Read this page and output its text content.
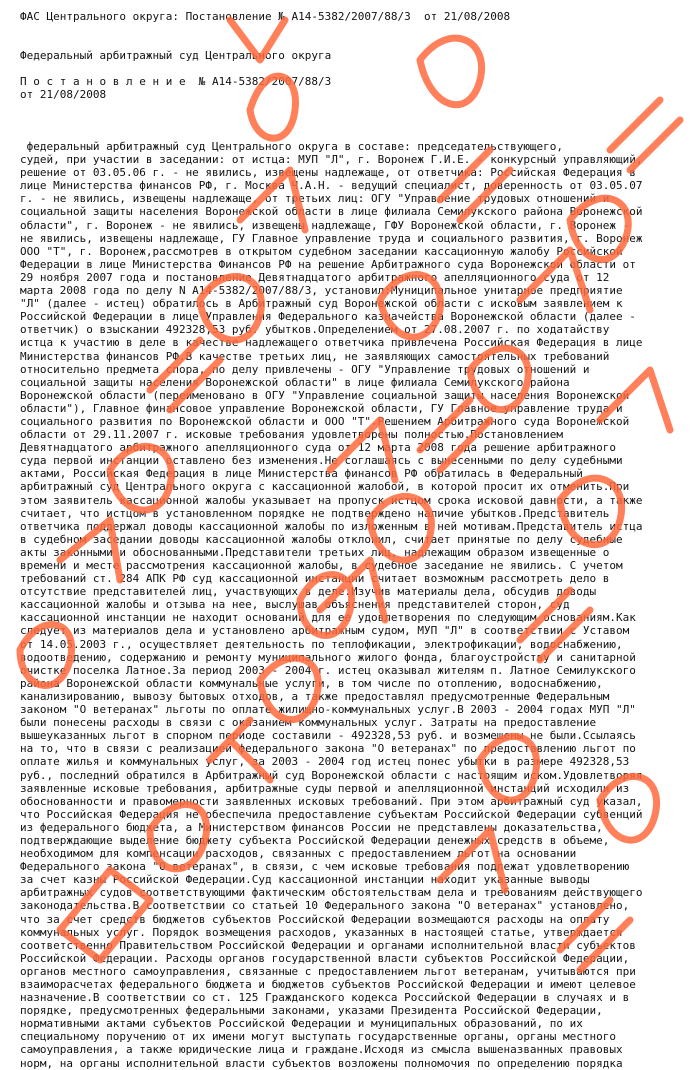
ФАС Центрального округа: Постановление № А14-5382/2007/88/3  от 21/08/2008
Федеральный арбитражный суд Центрального округа
П о с т а н о в л е н и е  № А14-5382/2007/88/3
от 21/08/2008
федеральный арбитражный суд Центрального округа в составе: председательствующего,
судей, при участии в заседании: от истца: МУП "Л", г. Воронеж Г.И.Е. - конкурсный управляющий,
решение от 03.05.06 г. - не явились, извещены надлежаще, от ответчика: Российская Федерация в
лице Министерства финансов РФ, г. Москва Ч.А.Н. - ведущий специалист, доверенность от 03.05.07
г. - не явились, извещены надлежаще, от третьих лиц: ОГУ "Управление трудовых отношений и
социальной защиты населения Воронежской области в лице филиала Семилукского района Воронежской
области", г. Воронеж - не явились, извещены надлежаще, ГФУ Воронежской области, г. Воронеж -
не явились, извещены надлежаще, ГУ Главное управление труда и социального развития, г. Воронеж
ООО "Т", г. Воронеж,рассмотрев в открытом судебном заседании кассационную жалобу Российской
Федерации в лице Министерства Финансов РФ на решение Арбитражного суда Воронежской области от
29 ноября 2007 года и постановление Девятнадцатого арбитражного апелляционного суда от 12
марта 2008 года по делу N А14-5382/2007/88/3, установил:Муниципальное унитарное предприятие
"Л" (далее - истец) обратилось в Арбитражный суд Воронежской области с исковым заявлением к
Российской Федерации в лице Управления Федерального казначейства Воронежской области (далее -
ответчик) о взыскании 492328,53 руб. убытков.Определением от 27.08.2007 г. по ходатайству
истца к участию в деле в качестве надлежащего ответчика привлечена Российская Федерация в лице
Министерства финансов РФ.В качестве третьих лиц, не заявляющих самостоятельных требований
относительно предмета спора, по делу привлечены - ОГУ "Управление трудовых отношений и
социальной защиты населения Воронежской области" в лице филиала Семилукского района
Воронежской области (переименовано в ОГУ "Управление социальной защиты населения Воронежской
области"), Главное финансовое управление Воронежской области, ГУ Главное управление труда и
социального развития по Воронежской области и ООО "Т".Решением Арбитражного суда Воронежской
области от 29.11.2007 г. исковые требования удовлетворены полностью.Постановлением
Девятнадцатого арбитражного апелляционного суда от 12 марта 2008 года решение арбитражного
суда первой инстанции оставлено без изменения.Не соглашаясь с вынесенными по делу судебными
актами, Российская Федерация в лице Министерства финансов РФ обратилась в Федеральный
арбитражный суд Центрального округа с кассационной жалобой, в которой просит их отменить.При
этом заявитель кассационной жалобы указывает на пропуск истцом срока исковой давности, а также
считает, что истцом в установленном порядке не подтверждено наличие убытков.Представитель
ответчика поддержал доводы кассационной жалобы по изложенным в ней мотивам.Представитель истца
в судебном заседании доводы кассационной жалобы отклонил, считает принятые по делу судебные
акты законными и обоснованными.Представители третьих лиц, надлежащим образом извещенные о
времени и месте рассмотрения кассационной жалобы, в судебное заседание не явились. С учетом
требований ст. 284 АПК РФ суд кассационной инстанции считает возможным рассмотреть дело в
отсутствие представителей лиц, участвующих в деле.Изучив материалы дела, обсудив доводы
кассационной жалобы и отзыва на нее, выслушав объяснения представителей сторон, суд
кассационной инстанции не находит оснований для ее удовлетворения по следующим основаниям.Как
следует из материалов дела и установлено арбитражным судом, МУП "Л" в соответствии с Уставом
от 14.05.2003 г., осуществляет деятельность по теплофикации, электрофикации, водоснабжению,
водоотведению, содержанию и ремонту муниципального жилого фонда, благоустройству и санитарной
очистке поселка Латное.За период 2003 - 2004 г. истец оказывал жителям п. Латное Семилукского
района Воронежской области коммунальные услуги, в том числе по отоплению, водоснабжению,
канализированию, вывозу бытовых отходов, а также предоставлял предусмотренные Федеральным
законом "О ветеранах" льготы по оплате жилищно-коммунальных услуг.В 2003 - 2004 годах МУП "Л"
были понесены расходы в связи с оказанием коммунальных услуг. Затраты на предоставление
вышеуказанных льгот в спорном периоде составили - 492328,53 руб. и возмещены не были.Ссылаясь
на то, что в связи с реализацией федерального закона "О ветеранах" по предоставлению льгот по
оплате жилья и коммунальных услуг, за 2003 - 2004 год истец понес убытки в размере 492328,53
руб., последний обратился в Арбитражный суд Воронежской области с настоящим иском.Удовлетворяя
заявленные исковые требования, арбитражные суды первой и апелляционной инстанций исходили из
обоснованности и правомерности заявленных исковых требований. При этом арбитражный суд указал,
что Российская Федерация не обеспечила предоставление субъектам Российской Федерации субвенций
из федерального бюджета, а Министерством финансов России не представлены доказательства,
подтверждающие выделение бюджету субъекта Российской Федерации денежных средств в объеме,
необходимом для компенсации расходов, связанных с предоставлением льгот на основании
Федерального закона "О ветеранах", в связи, с чем исковые требования подлежат удовлетворению
за счет казны Российской Федерации.Суд кассационной инстанции находит указанные выводы
арбитражных судов соответствующими фактическим обстоятельствам дела и требованиям действующего
законодательства.В соответствии со статьей 10 Федерального закона "О ветеранах" установлено,
что за счет средств бюджетов субъектов Российской Федерации возмещаются расходы на оплату
коммунальных услуг. Порядок возмещения расходов, указанных в настоящей статье, утверждается
соответственно Правительством Российской Федерации и органами исполнительной власти субъектов
Российской Федерации. Расходы органов государственной власти субъектов Российской Федерации,
органов местного самоуправления, связанные с предоставлением льгот ветеранам, учитываются при
взаиморасчетах федерального бюджета и бюджетов субъектов Российской Федерации и имеют целевое
назначение.В соответствии со ст. 125 Гражданского кодекса Российской Федерации в случаях и в
порядке, предусмотренных федеральными законами, указами Президента Российской Федерации,
нормативными актами субъектов Российской Федерации и муниципальных образований, по их
специальному поручению от их имени могут выступать государственные органы, органы местного
самоуправления, а также юридические лица и граждане.Исходя из смысла вышеназванных правовых
норм, на органы исполнительной власти субъектов возложены полномочия по определению порядка
